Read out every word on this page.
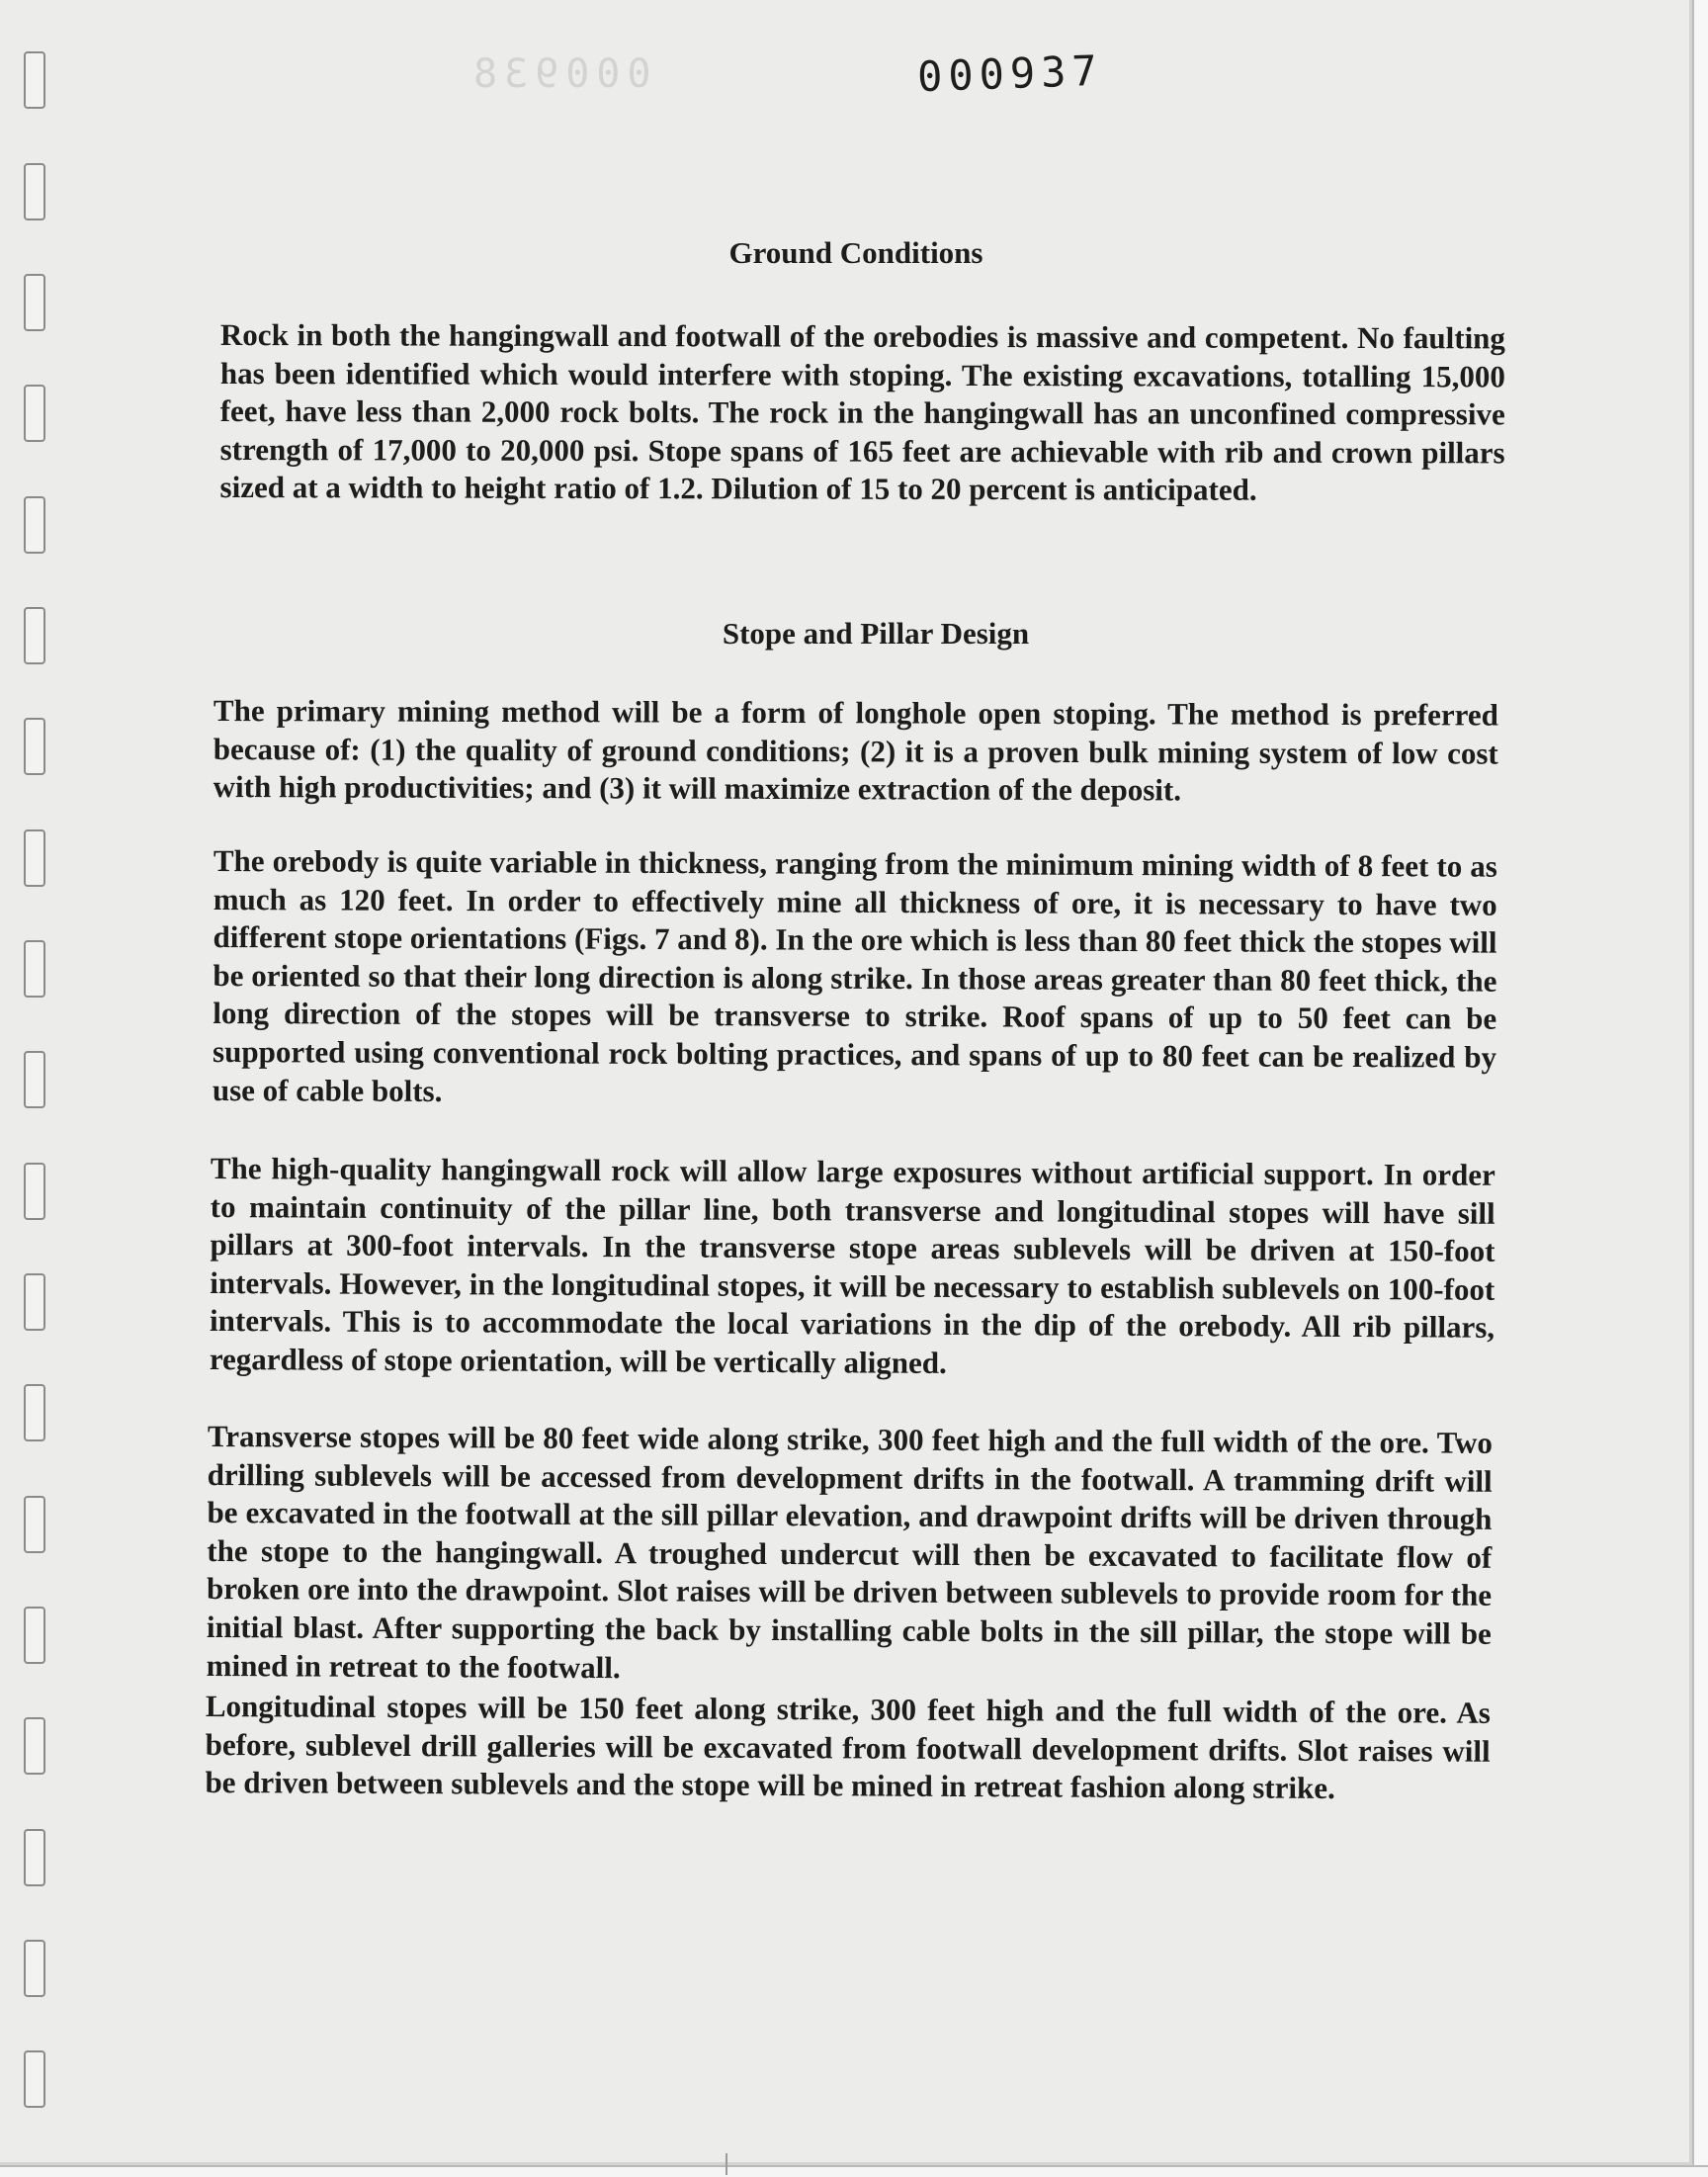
000938	000937
Ground Conditions

Rock in both the hangingwall and footwall of the orebodies is massive and competent. No faulting has been identified which would interfere with stoping. The existing excavations, totalling 15,000 feet, have less than 2,000 rock bolts. The rock in the hangingwall has an unconfined compressive strength of 17,000 to 20,000 psi. Stope spans of 165 feet are achievable with rib and crown pillars sized at a width to height ratio of 1.2. Dilution of 15 to 20 percent is anticipated.

Stope and Pillar Design

The primary mining method will be a form of longhole open stoping. The method is preferred because of: (1) the quality of ground conditions; (2) it is a proven bulk mining system of low cost with high productivities; and (3) it will maximize extraction of the deposit.

The orebody is quite variable in thickness, ranging from the minimum mining width of 8 feet to as much as 120 feet. In order to effectively mine all thickness of ore, it is necessary to have two different stope orientations (Figs. 7 and 8). In the ore which is less than 80 feet thick the stopes will be oriented so that their long direction is along strike. In those areas greater than 80 feet thick, the long direction of the stopes will be transverse to strike. Roof spans of up to 50 feet can be supported using conventional rock bolting practices, and spans of up to 80 feet can be realized by use of cable bolts.

The high-quality hangingwall rock will allow large exposures without artificial support. In order to maintain continuity of the pillar line, both transverse and longitudinal stopes will have sill pillars at 300-foot intervals. In the transverse stope areas sublevels will be driven at 150-foot intervals. However, in the longitudinal stopes, it will be necessary to establish sublevels on 100-foot intervals. This is to accommodate the local variations in the dip of the orebody. All rib pillars, regardless of stope orientation, will be vertically aligned.

Transverse stopes will be 80 feet wide along strike, 300 feet high and the full width of the ore. Two drilling sublevels will be accessed from development drifts in the footwall. A tramming drift will be excavated in the footwall at the sill pillar elevation, and drawpoint drifts will be driven through the stope to the hangingwall. A troughed undercut will then be excavated to facilitate flow of broken ore into the drawpoint. Slot raises will be driven between sublevels to provide room for the initial blast. After supporting the back by installing cable bolts in the sill pillar, the stope will be mined in retreat to the footwall.

Longitudinal stopes will be 150 feet along strike, 300 feet high and the full width of the ore. As before, sublevel drill galleries will be excavated from footwall development drifts. Slot raises will be driven between sublevels and the stope will be mined in retreat fashion along strike.
